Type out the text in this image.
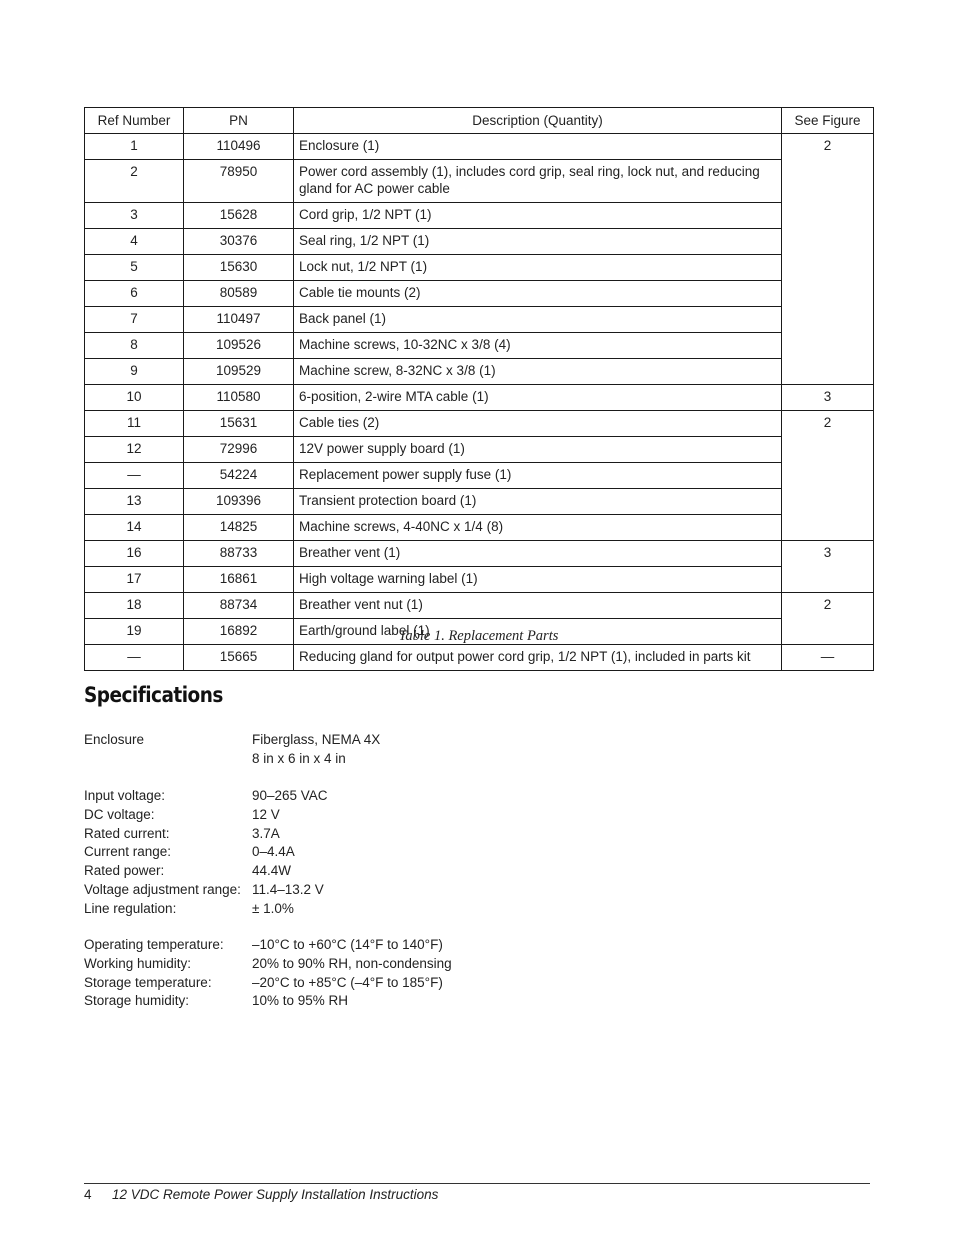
Ref Number	PN	Description (Quantity)	See Figure
1	110496	Enclosure (1)	2
2	78950	Power cord assembly (1), includes cord grip, seal ring, lock nut, and reducing gland for AC power cable	
3	15628	Cord grip, 1/2 NPT (1)	
4	30376	Seal ring, 1/2 NPT (1)	
5	15630	Lock nut, 1/2 NPT (1)	
6	80589	Cable tie mounts (2)	
7	110497	Back panel (1)	
8	109526	Machine screws, 10-32NC x 3/8 (4)	
9	109529	Machine screw, 8-32NC x 3/8 (1)	
10	110580	6-position, 2-wire MTA cable (1)	3
11	15631	Cable ties (2)	2
12	72996	12V power supply board (1)	
—	54224	Replacement power supply fuse (1)	
13	109396	Transient protection board (1)	
14	14825	Machine screws, 4-40NC x 1/4 (8)	
16	88733	Breather vent (1)	3
17	16861	High voltage warning label (1)	
18	88734	Breather vent nut (1)	2
19	16892	Earth/ground label (1)	
—	15665	Reducing gland for output power cord grip, 1/2 NPT (1), included in parts kit	—
Table 1. Replacement Parts
Specifications
Enclosure	Fiberglass, NEMA 4X
8 in x 6 in x 4 in
Input voltage:	90–265 VAC
DC voltage:	12 V
Rated current:	3.7A
Current range:	0–4.4A
Rated power:	44.4W
Voltage adjustment range: 11.4–13.2 V
Line regulation:	± 1.0%
Operating temperature: –10°C to +60°C (14°F to 140°F)
Working humidity:	20% to 90% RH, non-condensing
Storage temperature:	–20°C to +85°C (–4°F to 185°F)
Storage humidity:	10% to 95% RH
4 12 VDC Remote Power Supply Installation Instructions
